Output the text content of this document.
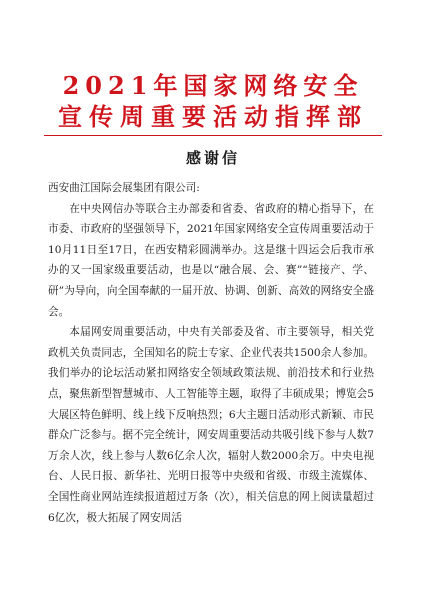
2021年国家网络安全
宣传周重要活动指挥部
感谢信

西安曲江国际会展集团有限公司:

在中央网信办等联合主办部委和省委、省政府的精心指导下，在市委、市政府的坚强领导下，2021年国家网络安全宣传周重要活动于10月11日至17日，在西安精彩圆满举办。这是继十四运会后我市承办的又一国家级重要活动，也是以“融合展、会、赛”“链接产、学、研”为导向，向全国奉献的一届开放、协调、创新、高效的网络安全盛会。

本届网安周重要活动，中央有关部委及省、市主要领导，相关党政机关负责同志，全国知名的院士专家、企业代表共1500余人参加。我们举办的论坛活动紧扣网络安全领域政策法规、前沿技术和行业热点，聚焦新型智慧城市、人工智能等主题，取得了丰硕成果；博览会5大展区特色鲜明、线上线下反响热烈；6大主题日活动形式新颖、市民群众广泛参与。据不完全统计，网安周重要活动共吸引线下参与人数7万余人次，线上参与人数6亿余人次，辐射人数2000余万。中央电视台、人民日报、新华社、光明日报等中央级和省级、市级主流媒体、全国性商业网站连续报道超过万条（次），相关信息的网上阅读量超过6亿次，极大拓展了网安周活
